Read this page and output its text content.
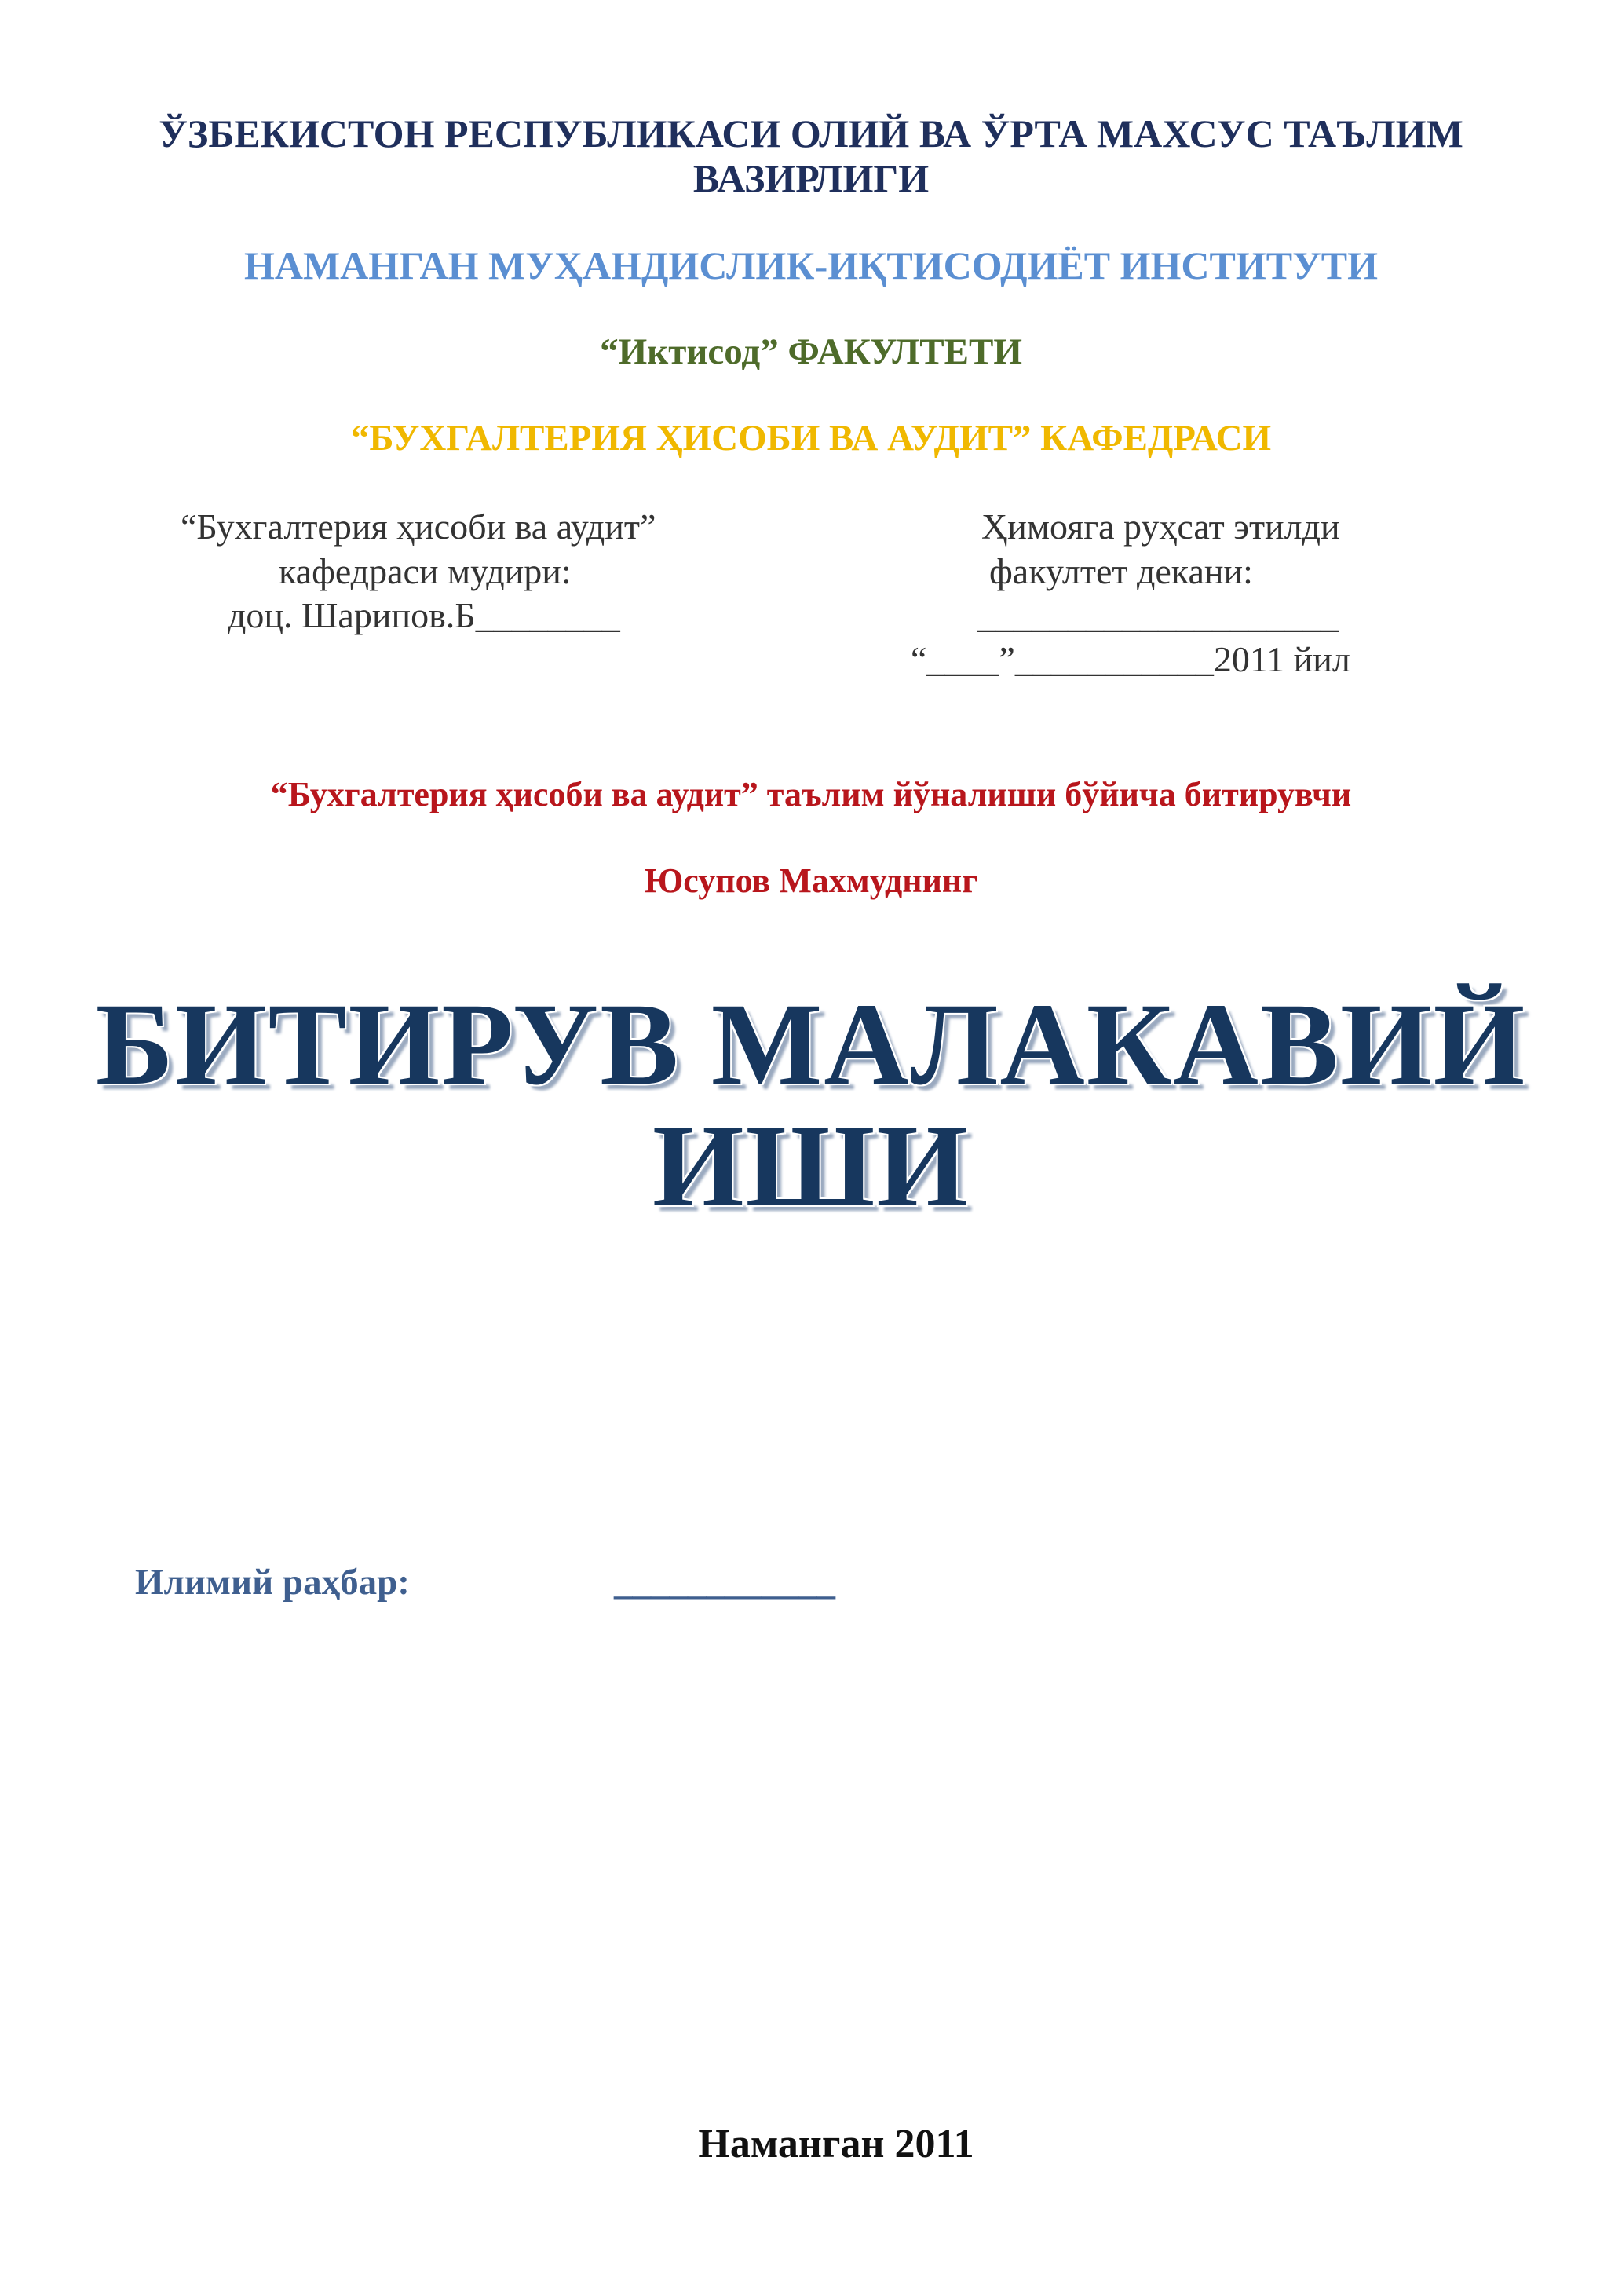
ЎЗБЕКИСТОН РЕСПУБЛИКАСИ ОЛИЙ ВА ЎРТА МАХСУС ТАЪЛИМ
ВАЗИРЛИГИ
НАМАНГАН МУҲАНДИСЛИК-ИҚТИСОДИЁТ ИНСТИТУТИ
“Иктисод” ФАКУЛТЕТИ
“БУХГАЛТЕРИЯ ҲИСОБИ ВА АУДИТ” КАФЕДРАСИ
“Бухгалтерия ҳисоби ва аудит”
кафедраси мудири:
доц. Шарипов.Б________
Ҳимояга руҳсат этилди
факултет декани:
____________________
“____”___________2011 йил
“Бухгалтерия ҳисоби ва аудит” таълим йўналиши бўйича битирувчи
Юсупов Махмуднинг
БИТИРУВ МАЛАКАВИЙ
ИШИ
Илимий раҳбар:	____________
Наманган 2011
